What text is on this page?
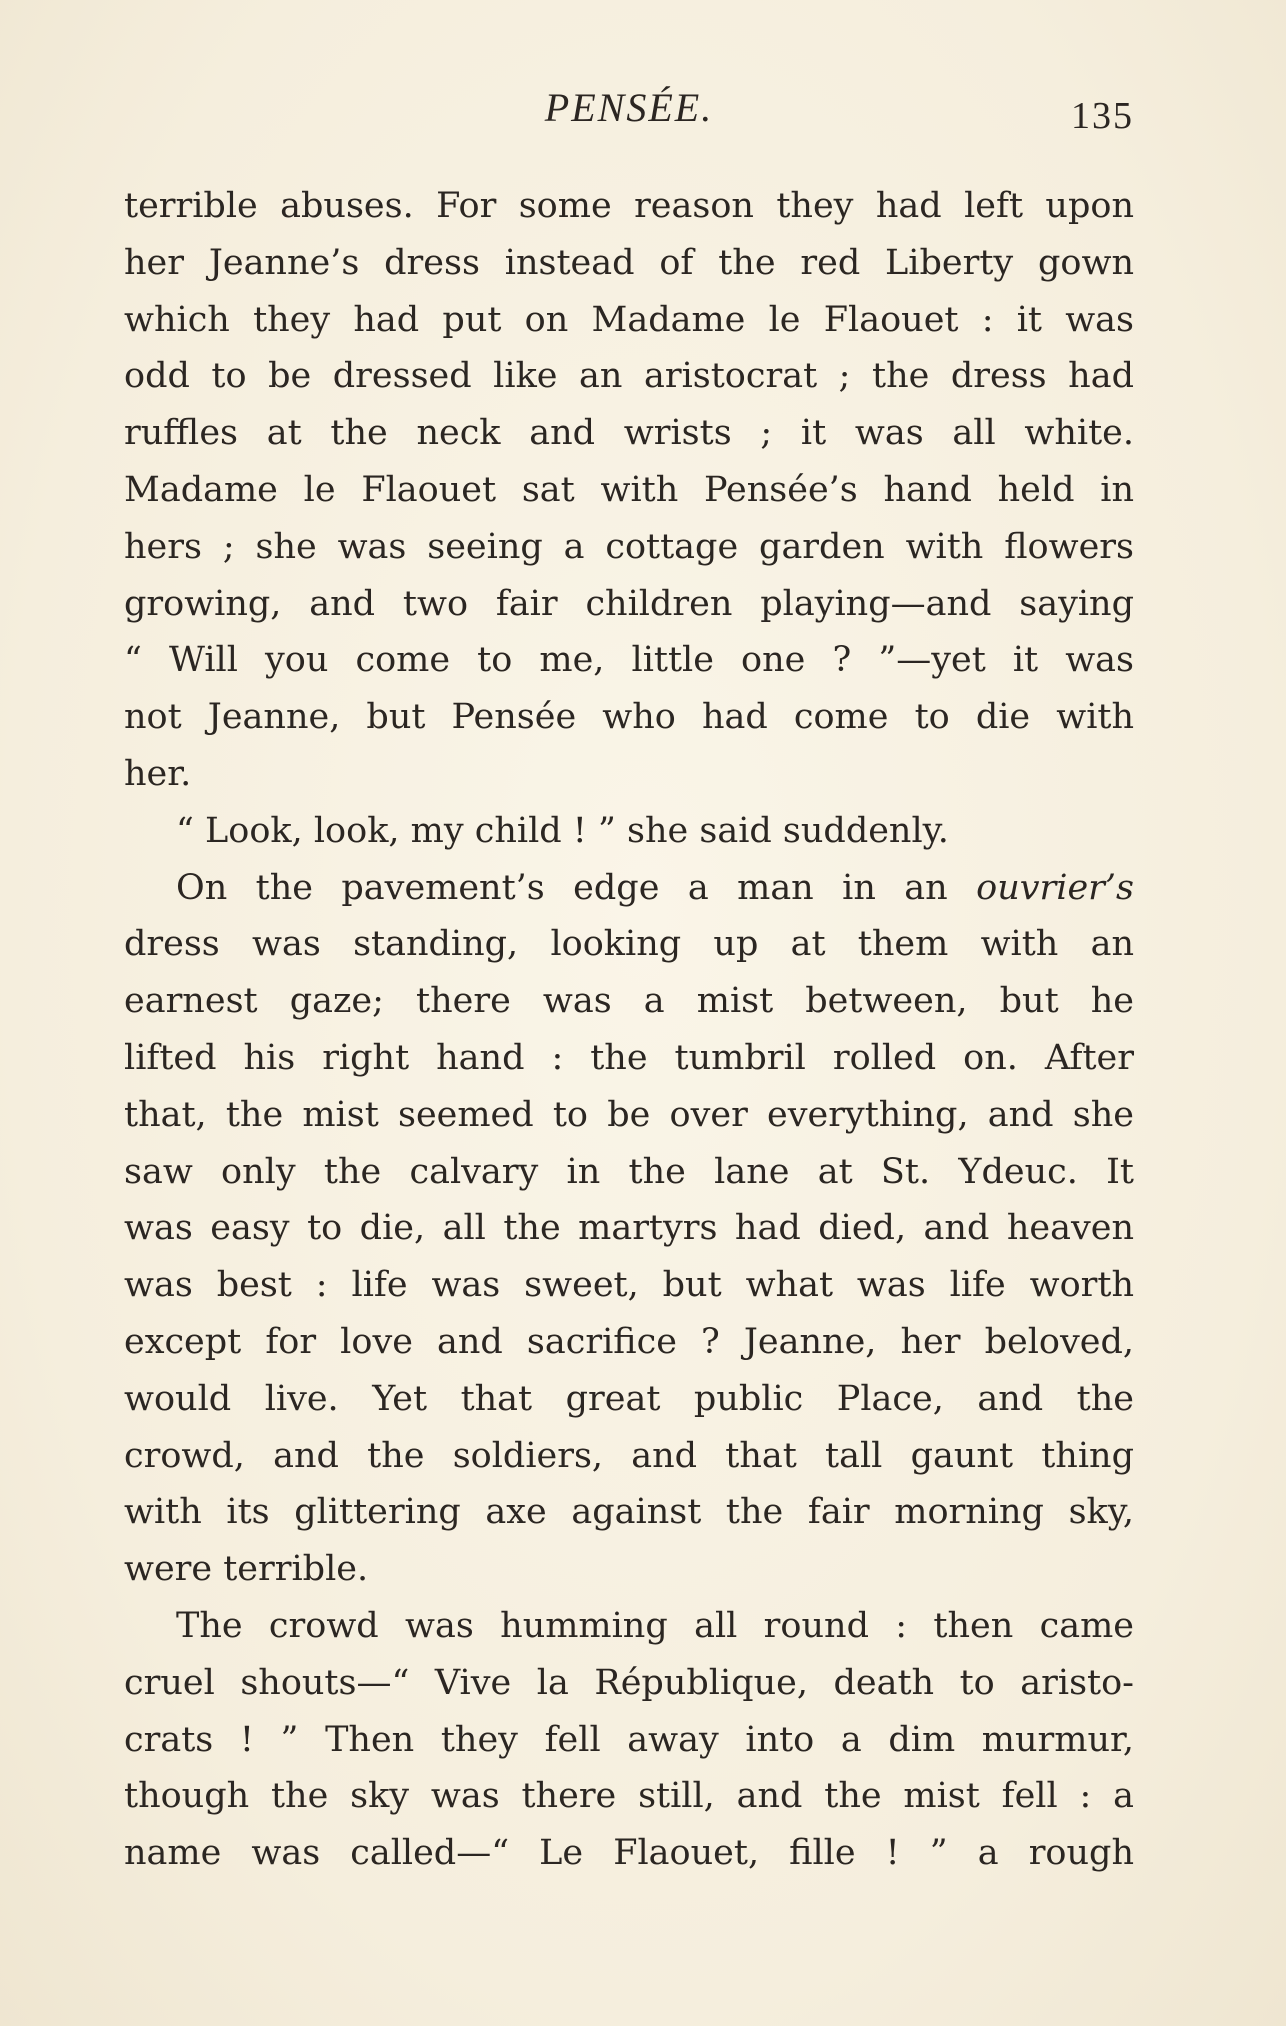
PENSÉE.	135
terrible abuses. For some reason they had left upon
her Jeanne’s dress instead of the red Liberty gown
which they had put on Madame le Flaouet : it was
odd to be dressed like an aristocrat ; the dress had
ruffles at the neck and wrists ; it was all white.
Madame le Flaouet sat with Pensée’s hand held in
hers ; she was seeing a cottage garden with flowers
growing, and two fair children playing—and saying
“ Will you come to me, little one ? ”—yet it was
not Jeanne, but Pensée who had come to die with
her.
“ Look, look, my child ! ” she said suddenly.
On the pavement’s edge a man in an ouvrier’s
dress was standing, looking up at them with an
earnest gaze; there was a mist between, but he
lifted his right hand : the tumbril rolled on. After
that, the mist seemed to be over everything, and she
saw only the calvary in the lane at St. Ydeuc. It
was easy to die, all the martyrs had died, and heaven
was best : life was sweet, but what was life worth
except for love and sacrifice ? Jeanne, her beloved,
would live. Yet that great public Place, and the
crowd, and the soldiers, and that tall gaunt thing
with its glittering axe against the fair morning sky,
were terrible.
The crowd was humming all round : then came
cruel shouts—“ Vive la République, death to aristo-
crats ! ” Then they fell away into a dim murmur,
though the sky was there still, and the mist fell : a
name was called—“ Le Flaouet, fille ! ” a rough
